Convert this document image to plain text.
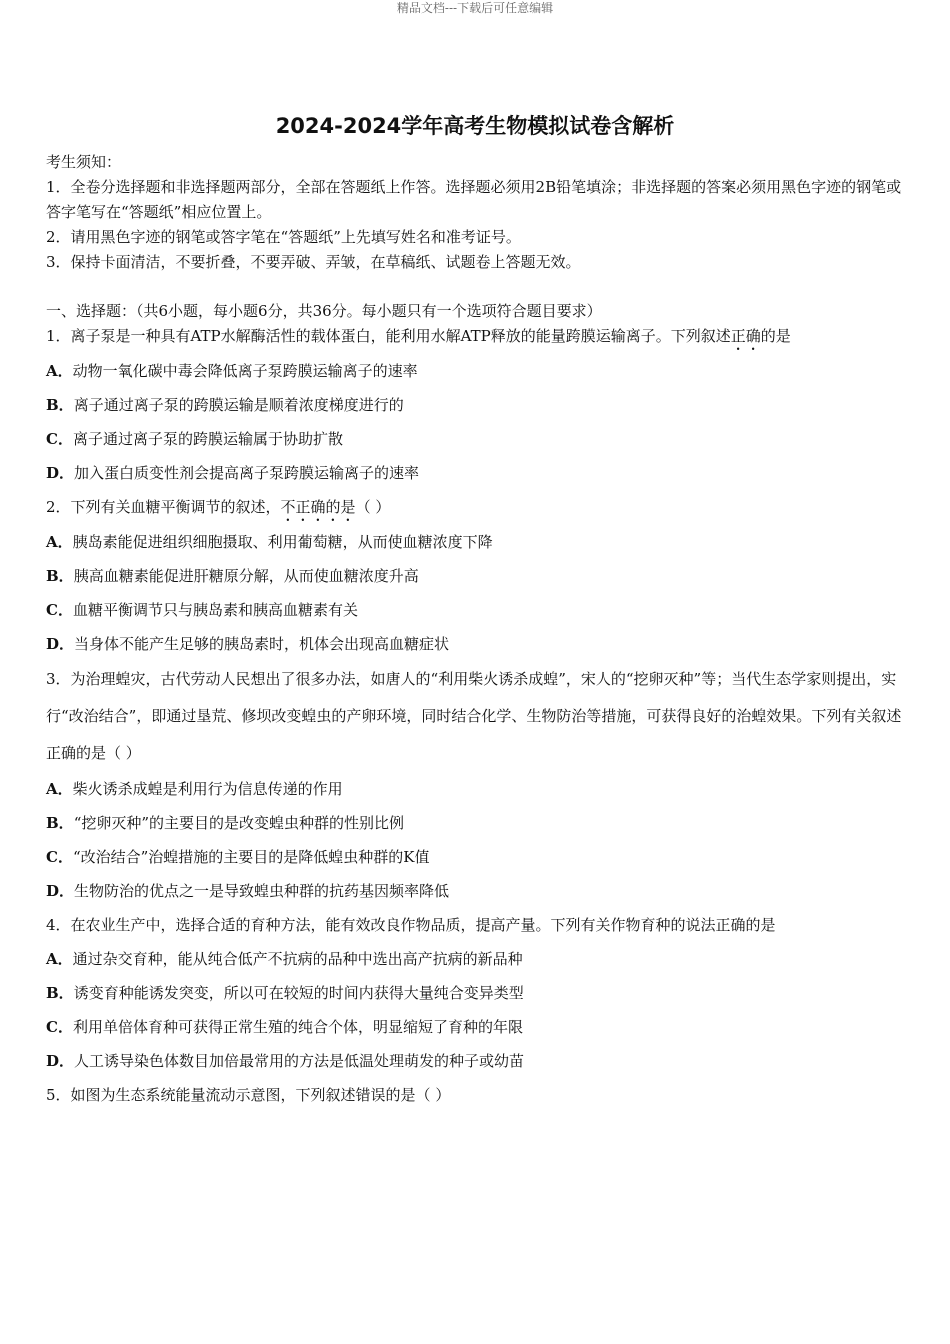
精品文档---下载后可任意编辑
2024-2024学年高考生物模拟试卷含解析

考生须知：

1．全卷分选择题和非选择题两部分，全部在答题纸上作答。选择题必须用2B铅笔填涂；非选择题的答案必须用黑色字迹的钢笔或答字笔写在“答题纸”相应位置上。

2．请用黑色字迹的钢笔或答字笔在“答题纸”上先填写姓名和准考证号。

3．保持卡面清洁，不要折叠，不要弄破、弄皱，在草稿纸、试题卷上答题无效。

一、选择题：（共6小题，每小题6分，共36分。每小题只有一个选项符合题目要求）

1．离子泵是一种具有ATP水解酶活性的载体蛋白，能利用水解ATP释放的能量跨膜运输离子。下列叙述正确的是

A．动物一氧化碳中毒会降低离子泵跨膜运输离子的速率

B．离子通过离子泵的跨膜运输是顺着浓度梯度进行的

C．离子通过离子泵的跨膜运输属于协助扩散

D．加入蛋白质变性剂会提高离子泵跨膜运输离子的速率

2．下列有关血糖平衡调节的叙述，不正确的是（ ）

A．胰岛素能促进组织细胞摄取、利用葡萄糖，从而使血糖浓度下降

B．胰高血糖素能促进肝糖原分解，从而使血糖浓度升高

C．血糖平衡调节只与胰岛素和胰高血糖素有关

D．当身体不能产生足够的胰岛素时，机体会出现高血糖症状

3．为治理蝗灾，古代劳动人民想出了很多办法，如唐人的“利用柴火诱杀成蝗”，宋人的“挖卵灭种”等；当代生态学家则提出，实行“改治结合”，即通过垦荒、修坝改变蝗虫的产卵环境，同时结合化学、生物防治等措施，可获得良好的治蝗效果。下列有关叙述正确的是（ ）

A．柴火诱杀成蝗是利用行为信息传递的作用

B．“挖卵灭种”的主要目的是改变蝗虫种群的性别比例

C．“改治结合”治蝗措施的主要目的是降低蝗虫种群的K值

D．生物防治的优点之一是导致蝗虫种群的抗药基因频率降低

4．在农业生产中，选择合适的育种方法，能有效改良作物品质，提高产量。下列有关作物育种的说法正确的是

A．通过杂交育种，能从纯合低产不抗病的品种中选出高产抗病的新品种

B．诱变育种能诱发突变，所以可在较短的时间内获得大量纯合变异类型

C．利用单倍体育种可获得正常生殖的纯合个体，明显缩短了育种的年限

D．人工诱导染色体数目加倍最常用的方法是低温处理萌发的种子或幼苗

5．如图为生态系统能量流动示意图，下列叙述错误的是（ ）
